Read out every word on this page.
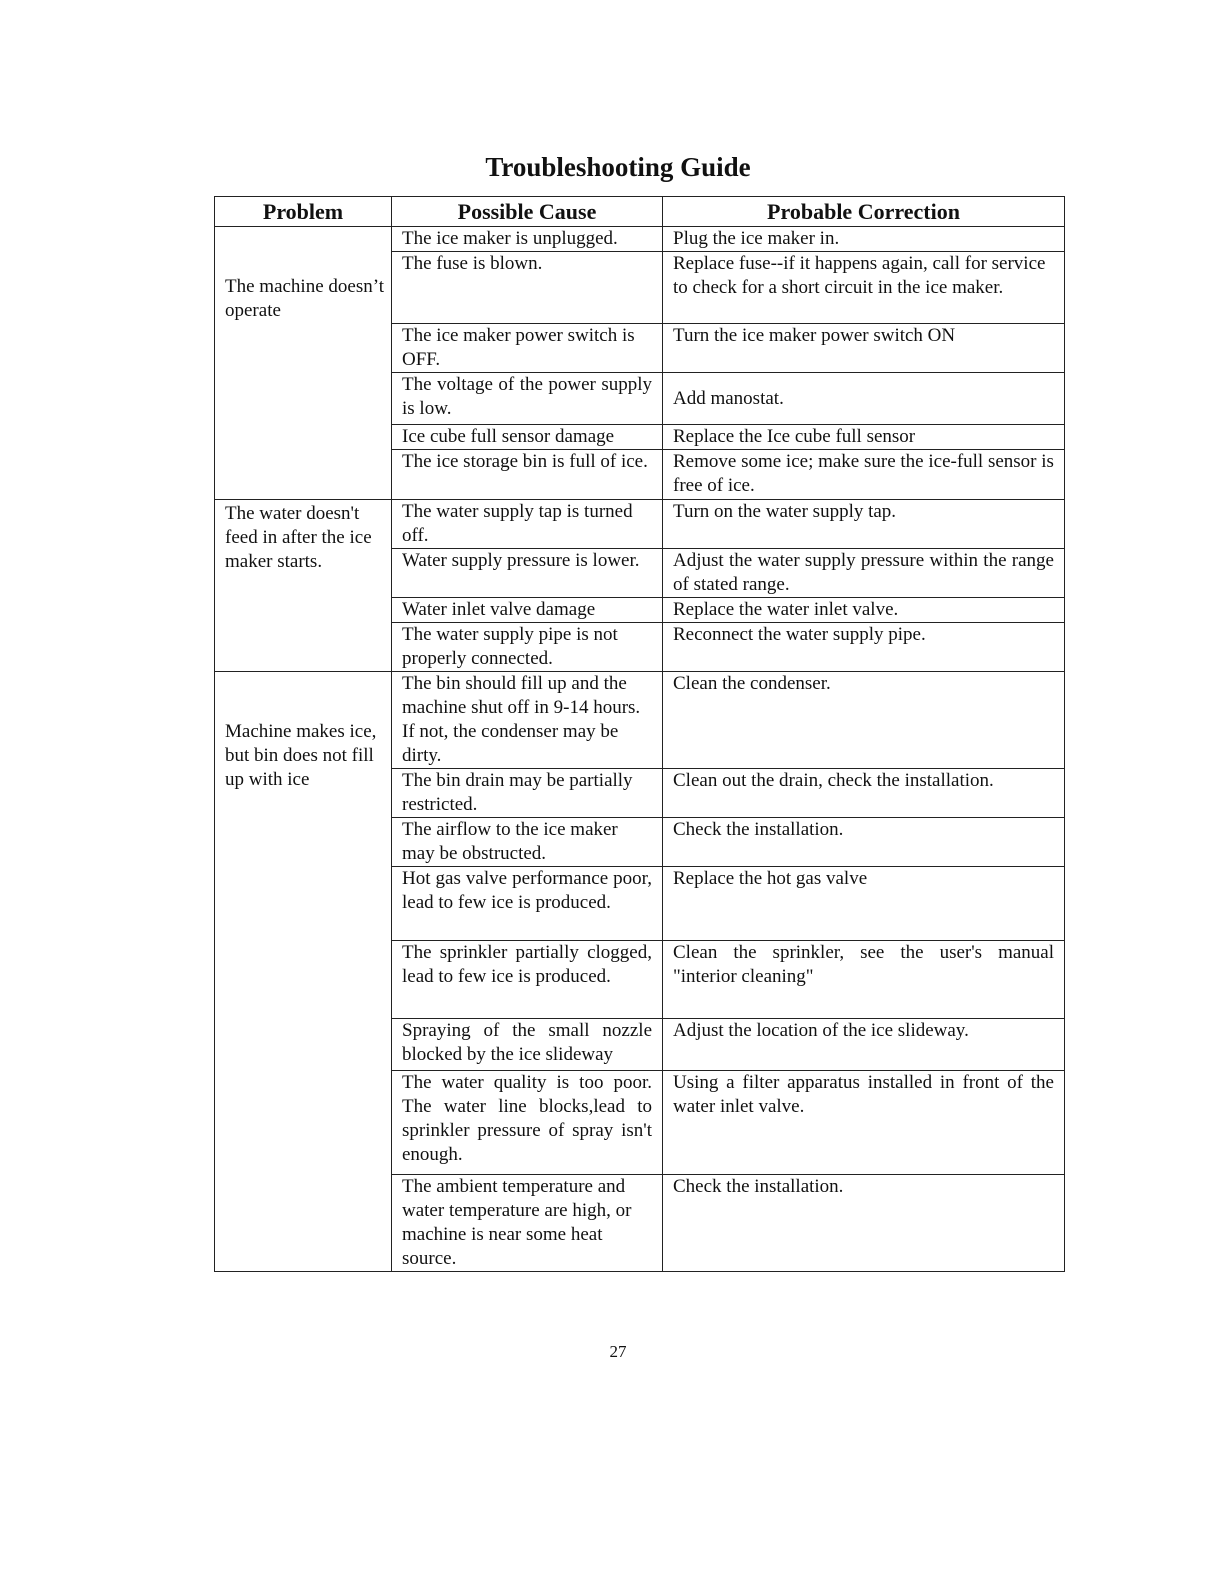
Troubleshooting Guide
Problem	Possible Cause	Probable Correction
The machine doesn’t operate	The ice maker is unplugged.	Plug the ice maker in.
	The fuse is blown.	Replace fuse--if it happens again, call for service to check for a short circuit in the ice maker.
	The ice maker power switch is OFF.	Turn the ice maker power switch ON
	The voltage of the power supply is low.	Add manostat.
	Ice cube full sensor damage	Replace the Ice cube full sensor
	The ice storage bin is full of ice.	Remove some ice; make sure the ice-full sensor is free of ice.
The water doesn't feed in after the ice maker starts.	The water supply tap is turned off.	Turn on the water supply tap.
	Water supply pressure is lower.	Adjust the water supply pressure within the range of stated range.
	Water inlet valve damage	Replace the water inlet valve.
	The water supply pipe is not properly connected.	Reconnect the water supply pipe.
Machine makes ice, but bin does not fill up with ice	The bin should fill up and the machine shut off in 9-14 hours. If not, the condenser may be dirty.	Clean the condenser.
	The bin drain may be partially restricted.	Clean out the drain, check the installation.
	The airflow to the ice maker may be obstructed.	Check the installation.
	Hot gas valve performance poor, lead to few ice is produced.	Replace the hot gas valve
	The sprinkler partially clogged, lead to few ice is produced.	Clean the sprinkler, see the user's manual "interior cleaning"
	Spraying of the small nozzle blocked by the ice slideway	Adjust the location of the ice slideway.
	The water quality is too poor. The water line blocks,lead to sprinkler pressure of spray isn't enough.	Using a filter apparatus installed in front of the water inlet valve.
	The ambient temperature and water temperature are high, or machine is near some heat source.	Check the installation.
27
